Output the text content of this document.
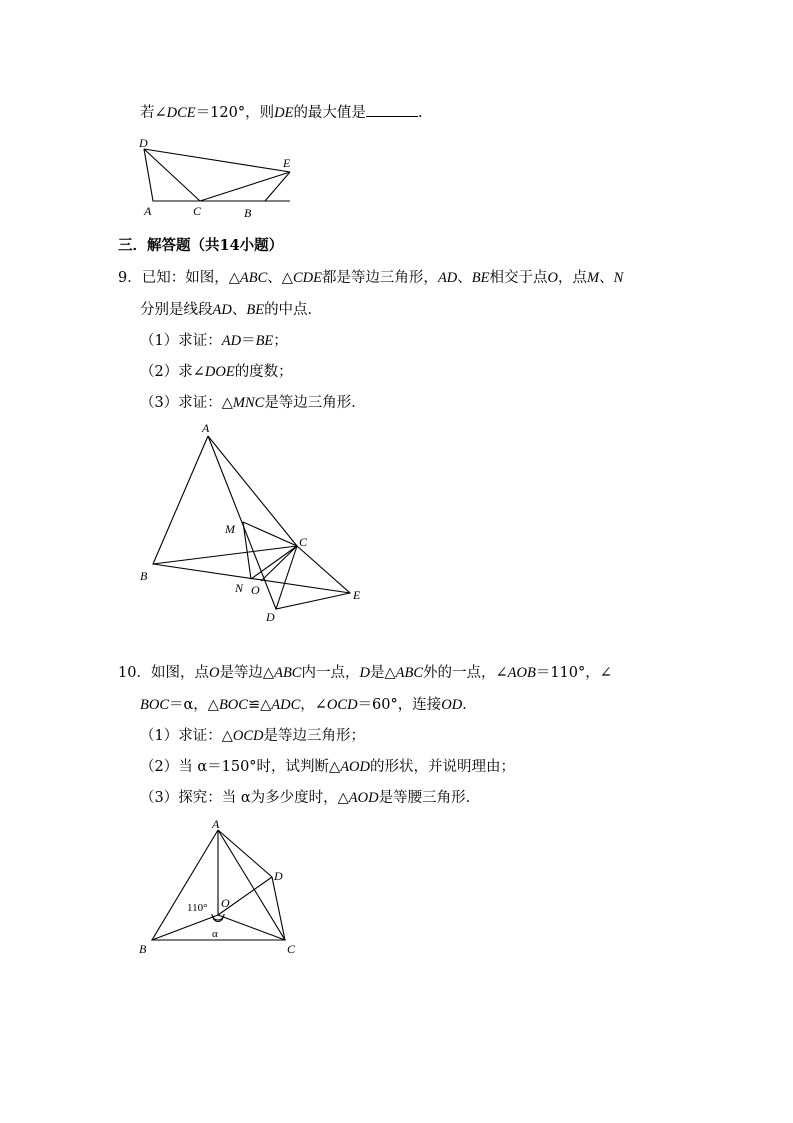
若∠DCE＝120°，则DE的最大值是	.
D
E
A	C	B
三．解答题（共14小题）
9．已知：如图，△ABC、△CDE都是等边三角形，AD、BE相交于点O，点M、N
分别是线段AD、BE的中点．
（1）求证：AD＝BE；
（2）求∠DOE的度数；
（3）求证：△MNC是等边三角形．
A
M
C
B
N O	E
D
10．如图，点O是等边△ABC内一点，D是△ABC外的一点，∠AOB＝110°，∠
BOC＝α，△BOC≌△ADC，∠OCD＝60°，连接OD．
（1）求证：△OCD是等边三角形；
（2）当 α＝150°时，试判断△AOD的形状，并说明理由；
（3）探究：当 α为多少度时，△AOD是等腰三角形．
A
D
110° O
α
B	C
